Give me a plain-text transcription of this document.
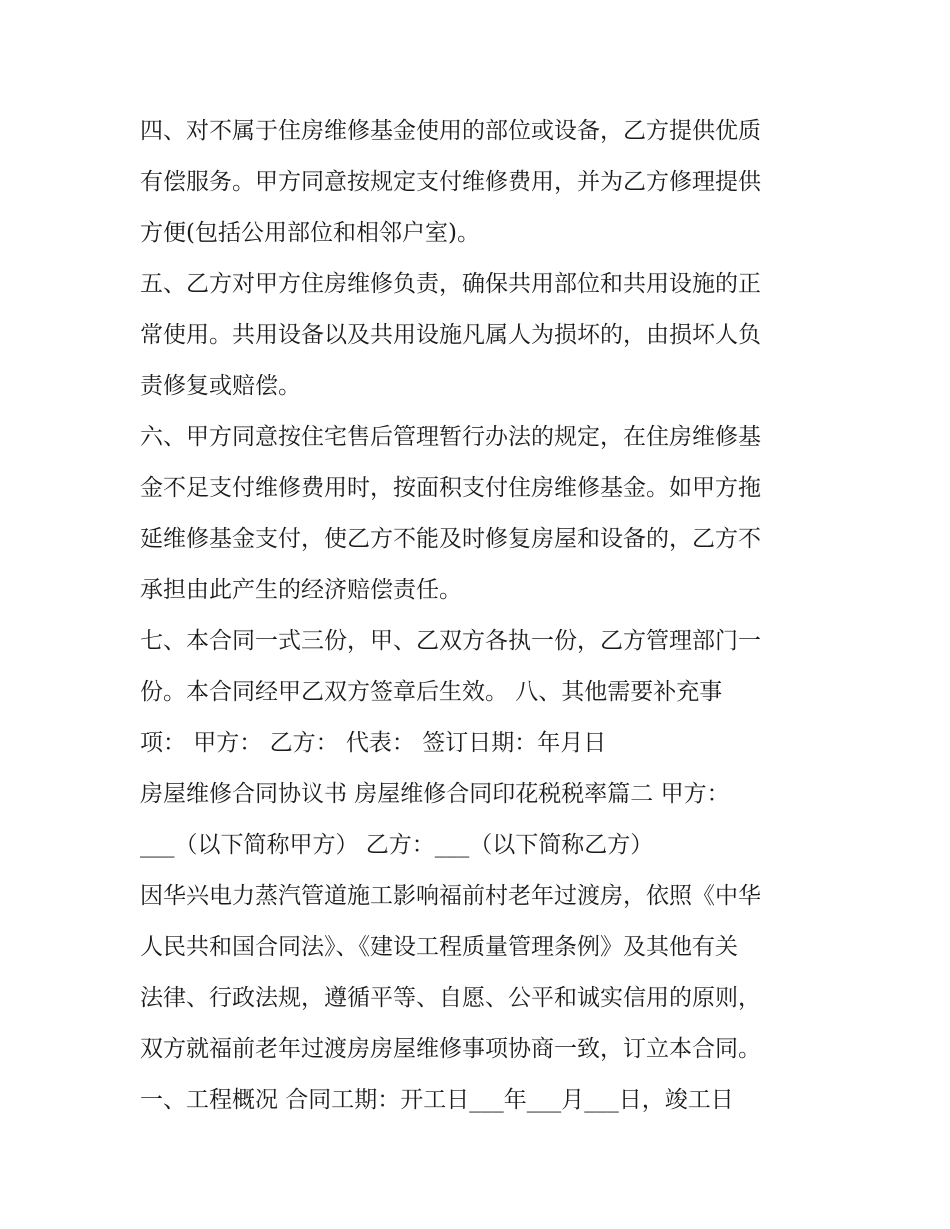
四、对不属于住房维修基金使用的部位或设备，乙方提供优质
有偿服务。甲方同意按规定支付维修费用，并为乙方修理提供
方便(包括公用部位和相邻户室)。
五、乙方对甲方住房维修负责，确保共用部位和共用设施的正
常使用。共用设备以及共用设施凡属人为损坏的，由损坏人负
责修复或赔偿。
六、甲方同意按住宅售后管理暂行办法的规定，在住房维修基
金不足支付维修费用时，按面积支付住房维修基金。如甲方拖
延维修基金支付，使乙方不能及时修复房屋和设备的，乙方不
承担由此产生的经济赔偿责任。
七、本合同一式三份，甲、乙双方各执一份，乙方管理部门一
份。本合同经甲乙双方签章后生效。 八、其他需要补充事
项： 甲方： 乙方： 代表： 签订日期：年月日
房屋维修合同协议书 房屋维修合同印花税税率篇二 甲方：
___（以下简称甲方） 乙方：___（以下简称乙方）
因华兴电力蒸汽管道施工影响福前村老年过渡房，依照《中华
人民共和国合同法》、《建设工程质量管理条例》及其他有关
法律、行政法规，遵循平等、自愿、公平和诚实信用的原则，
双方就福前老年过渡房房屋维修事项协商一致，订立本合同。
一、工程概况 合同工期：开工日___年___月___日，竣工日
